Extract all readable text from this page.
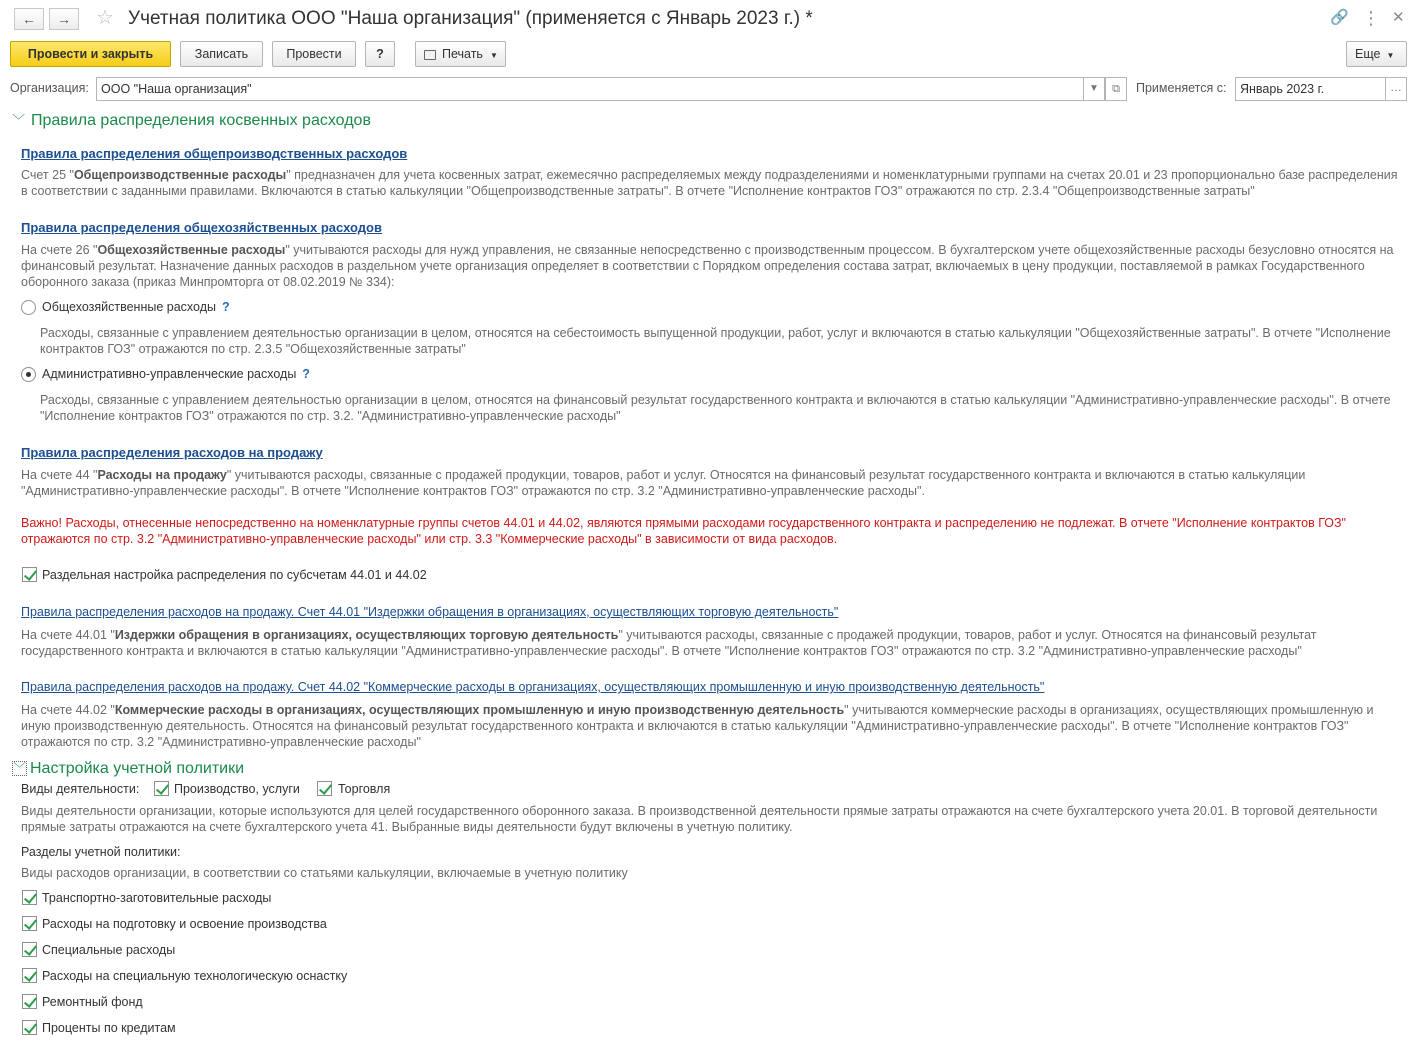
←	→	☆ Учетная политика ООО "Наша организация" (применяется с Январь 2023 г.) *	🔗 ⋮ ✕
Провести и закрыть	Записать	Провести	?	Печать ▼	Еще ▼
Организация: ООО "Наша организация"	▼	⧉	Применяется с:	Январь 2023 г.	…
﹀ Правила распределения косвенных расходов
Правила распределения общепроизводственных расходов
Счет 25 "Общепроизводственные расходы" предназначен для учета косвенных затрат, ежемесячно распределяемых между подразделениями и номенклатурными группами на счетах 20.01 и 23 пропорционально базе распределения в соответствии с заданными правилами. Включаются в статью калькуляции "Общепроизводственные затраты". В отчете "Исполнение контрактов ГОЗ" отражаются по стр. 2.3.4 "Общепроизводственные затраты"
Правила распределения общехозяйственных расходов
На счете 26 "Общехозяйственные расходы" учитываются расходы для нужд управления, не связанные непосредственно с производственным процессом. В бухгалтерском учете общехозяйственные расходы безусловно относятся на финансовый результат. Назначение данных расходов в раздельном учете организация определяет в соответствии с Порядком определения состава затрат, включаемых в цену продукции, поставляемой в рамках Государственного оборонного заказа (приказ Минпромторга от 08.02.2019 № 334):
Общехозяйственные расходы ?
Расходы, связанные с управлением деятельностью организации в целом, относятся на себестоимость выпущенной продукции, работ, услуг и включаются в статью калькуляции "Общехозяйственные затраты". В отчете "Исполнение контрактов ГОЗ" отражаются по стр. 2.3.5 "Общехозяйственные затраты"
Административно-управленческие расходы ?
Расходы, связанные с управлением деятельностью организации в целом, относятся на финансовый результат государственного контракта и включаются в статью калькуляции "Административно-управленческие расходы". В отчете "Исполнение контрактов ГОЗ" отражаются по стр. 3.2. "Административно-управленческие расходы"
Правила распределения расходов на продажу
На счете 44 "Расходы на продажу" учитываются расходы, связанные с продажей продукции, товаров, работ и услуг. Относятся на финансовый результат государственного контракта и включаются в статью калькуляции "Административно-управленческие расходы". В отчете "Исполнение контрактов ГОЗ" отражаются по стр. 3.2 "Административно-управленческие расходы".
Важно! Расходы, отнесенные непосредственно на номенклатурные группы счетов 44.01 и 44.02, являются прямыми расходами государственного контракта и распределению не подлежат. В отчете "Исполнение контрактов ГОЗ" отражаются по стр. 3.2 "Административно-управленческие расходы" или стр. 3.3 "Коммерческие расходы" в зависимости от вида расходов.
Раздельная настройка распределения по субсчетам 44.01 и 44.02
Правила распределения расходов на продажу. Счет 44.01 "Издержки обращения в организациях, осуществляющих торговую деятельность"
На счете 44.01 "Издержки обращения в организациях, осуществляющих торговую деятельность" учитываются расходы, связанные с продажей продукции, товаров, работ и услуг. Относятся на финансовый результат государственного контракта и включаются в статью калькуляции "Административно-управленческие расходы". В отчете "Исполнение контрактов ГОЗ" отражаются по стр. 3.2 "Административно-управленческие расходы"
Правила распределения расходов на продажу. Счет 44.02 "Коммерческие расходы в организациях, осуществляющих промышленную и иную производственную деятельность"
На счете 44.02 "Коммерческие расходы в организациях, осуществляющих промышленную и иную производственную деятельность" учитываются коммерческие расходы в организациях, осуществляющих промышленную и иную производственную деятельность. Относятся на финансовый результат государственного контракта и включаются в статью калькуляции "Административно-управленческие расходы". В отчете "Исполнение контрактов ГОЗ" отражаются по стр. 3.2 "Административно-управленческие расходы"
﹀ Настройка учетной политики
Виды деятельности:	Производство, услуги	Торговля
Виды деятельности организации, которые используются для целей государственного оборонного заказа. В производственной деятельности прямые затраты отражаются на счете бухгалтерского учета 20.01. В торговой деятельности прямые затраты отражаются на счете бухгалтерского учета 41. Выбранные виды деятельности будут включены в учетную политику.
Разделы учетной политики:
Виды расходов организации, в соответствии со статьями калькуляции, включаемые в учетную политику
Транспортно-заготовительные расходы
Расходы на подготовку и освоение производства
Специальные расходы
Расходы на специальную технологическую оснастку
Ремонтный фонд
Проценты по кредитам
